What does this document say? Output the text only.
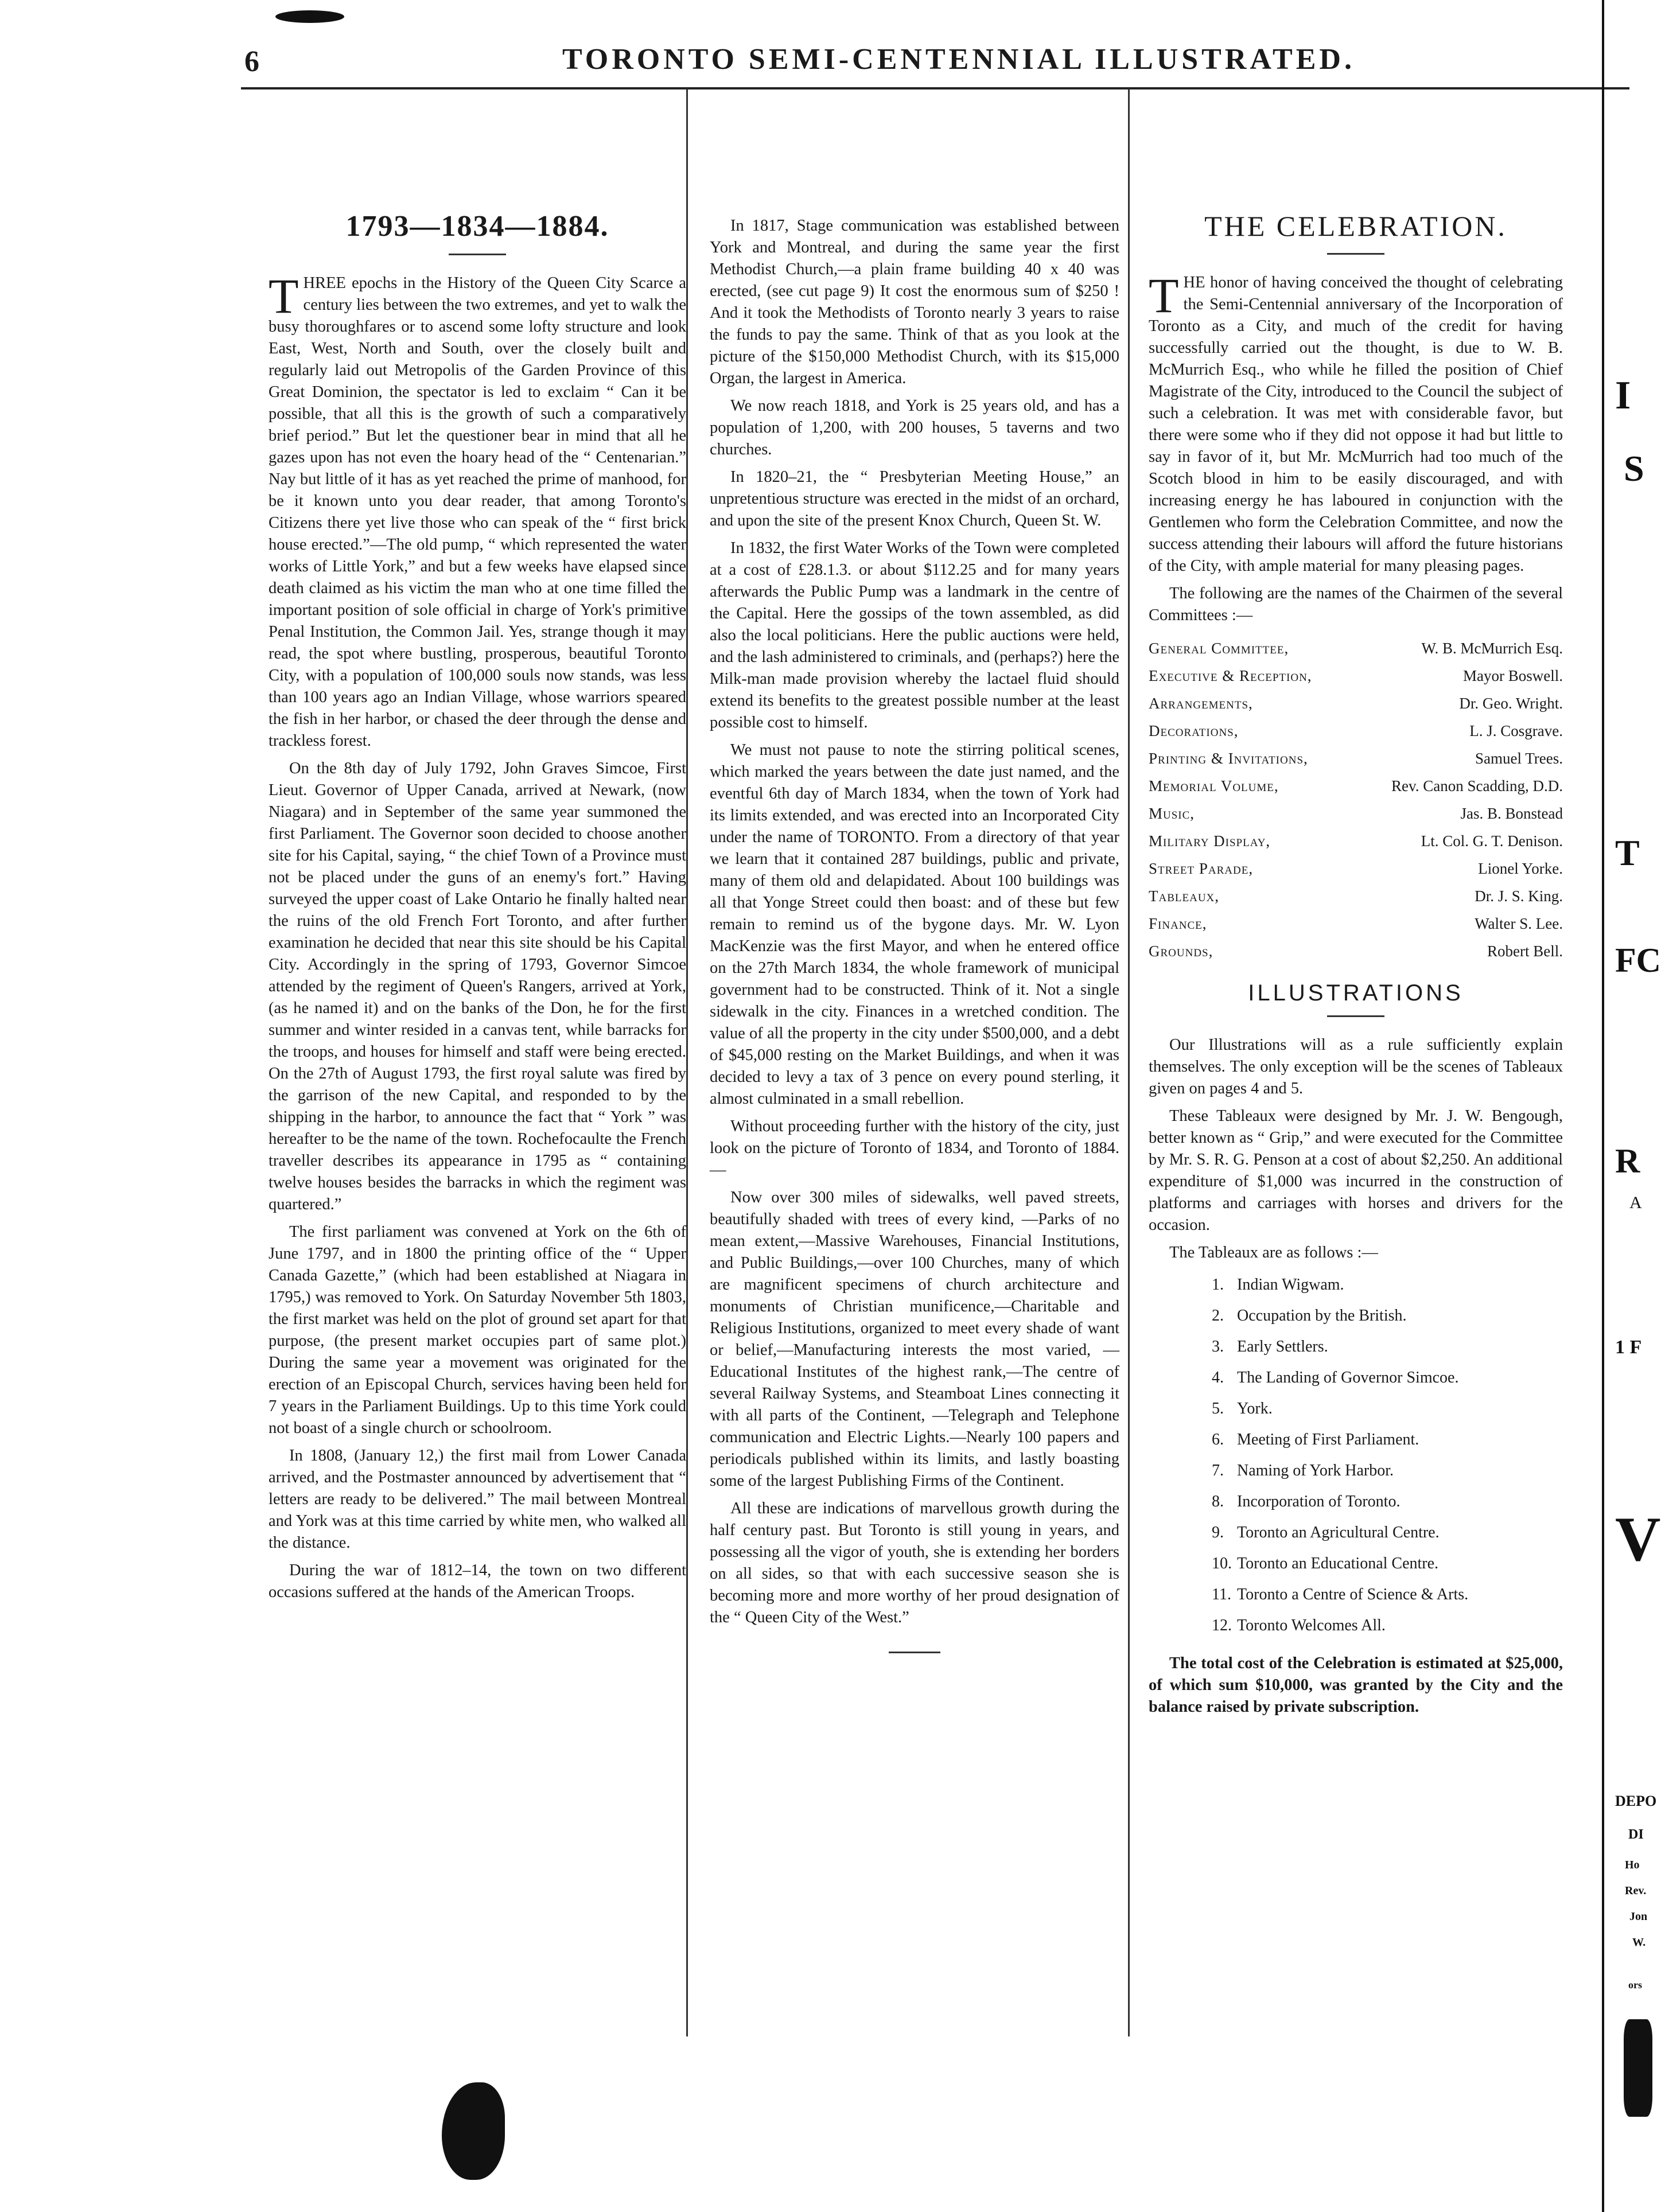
6	TORONTO SEMI-CENTENNIAL ILLUSTRATED.
1793—1834—1884.

THREE epochs in the History of the Queen City Scarce a century lies between the two extremes, and yet to walk the busy thoroughfares or to ascend some lofty structure and look East, West, North and South, over the closely built and regularly laid out Metropolis of the Garden Province of this Great Dominion, the spectator is led to exclaim “ Can it be possible, that all this is the growth of such a comparatively brief period.” But let the questioner bear in mind that all he gazes upon has not even the hoary head of the “ Centenarian.” Nay but little of it has as yet reached the prime of manhood, for be it known unto you dear reader, that among Toronto's Citizens there yet live those who can speak of the “ first brick house erected.”—The old pump, “ which represented the water works of Little York,” and but a few weeks have elapsed since death claimed as his victim the man who at one time filled the important position of sole official in charge of York's primitive Penal Institution, the Common Jail. Yes, strange though it may read, the spot where bustling, prosperous, beautiful Toronto City, with a population of 100,000 souls now stands, was less than 100 years ago an Indian Village, whose warriors speared the fish in her harbor, or chased the deer through the dense and trackless forest.

On the 8th day of July 1792, John Graves Simcoe, First Lieut. Governor of Upper Canada, arrived at Newark, (now Niagara) and in September of the same year summoned the first Parliament. The Governor soon decided to choose another site for his Capital, saying, “ the chief Town of a Province must not be placed under the guns of an enemy's fort.” Having surveyed the upper coast of Lake Ontario he finally halted near the ruins of the old French Fort Toronto, and after further examination he decided that near this site should be his Capital City. Accordingly in the spring of 1793, Governor Simcoe attended by the regiment of Queen's Rangers, arrived at York, (as he named it) and on the banks of the Don, he for the first summer and winter resided in a canvas tent, while barracks for the troops, and houses for himself and staff were being erected. On the 27th of August 1793, the first royal salute was fired by the garrison of the new Capital, and responded to by the shipping in the harbor, to announce the fact that “ York ” was hereafter to be the name of the town. Rochefocaulte the French traveller describes its appearance in 1795 as “ containing twelve houses besides the barracks in which the regiment was quartered.”

The first parliament was convened at York on the 6th of June 1797, and in 1800 the printing office of the “ Upper Canada Gazette,” (which had been established at Niagara in 1795,) was removed to York. On Saturday November 5th 1803, the first market was held on the plot of ground set apart for that purpose, (the present market occupies part of same plot.) During the same year a movement was originated for the erection of an Episcopal Church, services having been held for 7 years in the Parliament Buildings. Up to this time York could not boast of a single church or schoolroom.

In 1808, (January 12,) the first mail from Lower Canada arrived, and the Postmaster announced by advertisement that “ letters are ready to be delivered.” The mail between Montreal and York was at this time carried by white men, who walked all the distance.

During the war of 1812–14, the town on two different occasions suffered at the hands of the American Troops.

In 1817, Stage communication was established between York and Montreal, and during the same year the first Methodist Church,—a plain frame building 40 x 40 was erected, (see cut page 9) It cost the enormous sum of $250 ! And it took the Methodists of Toronto nearly 3 years to raise the funds to pay the same. Think of that as you look at the picture of the $150,000 Methodist Church, with its $15,000 Organ, the largest in America.

We now reach 1818, and York is 25 years old, and has a population of 1,200, with 200 houses, 5 taverns and two churches.

In 1820–21, the “ Presbyterian Meeting House,” an unpretentious structure was erected in the midst of an orchard, and upon the site of the present Knox Church, Queen St. W.

In 1832, the first Water Works of the Town were completed at a cost of £28.1.3. or about $112.25 and for many years afterwards the Public Pump was a landmark in the centre of the Capital. Here the gossips of the town assembled, as did also the local politicians. Here the public auctions were held, and the lash administered to criminals, and (perhaps?) here the Milk-man made provision whereby the lactael fluid should extend its benefits to the greatest possible number at the least possible cost to himself.

We must not pause to note the stirring political scenes, which marked the years between the date just named, and the eventful 6th day of March 1834, when the town of York had its limits extended, and was erected into an Incorporated City under the name of TORONTO. From a directory of that year we learn that it contained 287 buildings, public and private, many of them old and delapidated. About 100 buildings was all that Yonge Street could then boast: and of these but few remain to remind us of the bygone days. Mr. W. Lyon MacKenzie was the first Mayor, and when he entered office on the 27th March 1834, the whole framework of municipal government had to be constructed. Think of it. Not a single sidewalk in the city. Finances in a wretched condition. The value of all the property in the city under $500,000, and a debt of $45,000 resting on the Market Buildings, and when it was decided to levy a tax of 3 pence on every pound sterling, it almost culminated in a small rebellion.

Without proceeding further with the history of the city, just look on the picture of Toronto of 1834, and Toronto of 1884.—

Now over 300 miles of sidewalks, well paved streets, beautifully shaded with trees of every kind, —Parks of no mean extent,—Massive Warehouses, Financial Institutions, and Public Buildings,—over 100 Churches, many of which are magnificent specimens of church architecture and monuments of Christian munificence,—Charitable and Religious Institutions, organized to meet every shade of want or belief,—Manufacturing interests the most varied, —Educational Institutes of the highest rank,—The centre of several Railway Systems, and Steamboat Lines connecting it with all parts of the Continent, —Telegraph and Telephone communication and Electric Lights.—Nearly 100 papers and periodicals published within its limits, and lastly boasting some of the largest Publishing Firms of the Continent.

All these are indications of marvellous growth during the half century past. But Toronto is still young in years, and possessing all the vigor of youth, she is extending her borders on all sides, so that with each successive season she is becoming more and more worthy of her proud designation of the “ Queen City of the West.”

THE CELEBRATION.

THE honor of having conceived the thought of celebrating the Semi-Centennial anniversary of the Incorporation of Toronto as a City, and much of the credit for having successfully carried out the thought, is due to W. B. McMurrich Esq., who while he filled the position of Chief Magistrate of the City, introduced to the Council the subject of such a celebration. It was met with considerable favor, but there were some who if they did not oppose it had but little to say in favor of it, but Mr. McMurrich had too much of the Scotch blood in him to be easily discouraged, and with increasing energy he has laboured in conjunction with the Gentlemen who form the Celebration Committee, and now the success attending their labours will afford the future historians of the City, with ample material for many pleasing pages.

The following are the names of the Chairmen of the several Committees :—

General Committee,	W. B. McMurrich Esq.
Executive & Reception,	Mayor Boswell.
Arrangements,	Dr. Geo. Wright.
Decorations,	L. J. Cosgrave.
Printing & Invitations,	Samuel Trees.
Memorial Volume,	Rev. Canon Scadding, D.D.
Music,	Jas. B. Bonstead
Military Display,	Lt. Col. G. T. Denison.
Street Parade,	Lionel Yorke.
Tableaux,	Dr. J. S. King.
Finance,	Walter S. Lee.
Grounds,	Robert Bell.
ILLUSTRATIONS

Our Illustrations will as a rule sufficiently explain themselves. The only exception will be the scenes of Tableaux given on pages 4 and 5.

These Tableaux were designed by Mr. J. W. Bengough, better known as “ Grip,” and were executed for the Committee by Mr. S. R. G. Penson at a cost of about $2,250. An additional expenditure of $1,000 was incurred in the construction of platforms and carriages with horses and drivers for the occasion.

The Tableaux are as follows :—

1. Indian Wigwam.
2. Occupation by the British.
3. Early Settlers.
4. The Landing of Governor Simcoe.
5. York.
6. Meeting of First Parliament.
7. Naming of York Harbor.
8. Incorporation of Toronto.
9. Toronto an Agricultural Centre.
10. Toronto an Educational Centre.
11. Toronto a Centre of Science & Arts.
12. Toronto Welcomes All.

The total cost of the Celebration is estimated at $25,000, of which sum $10,000, was granted by the City and the balance raised by private subscription.

I
S
T
FC
R
A
1 F
V
DEPO
DI
Ho
Rev.
Jon
W.
ors
